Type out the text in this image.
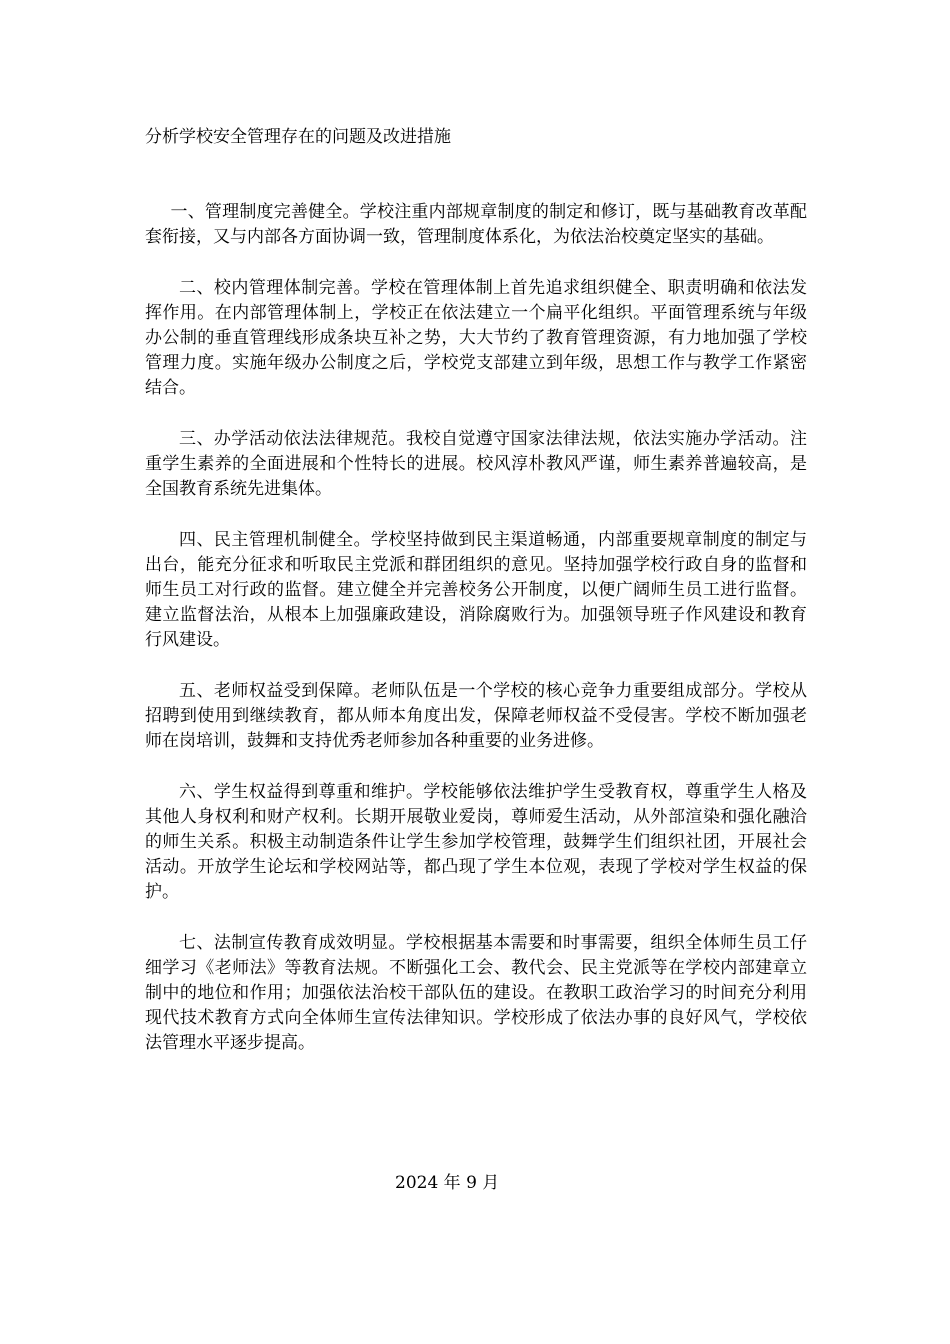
分析学校安全管理存在的问题及改进措施

一、管理制度完善健全。学校注重内部规章制度的制定和修订，既与基础教育改革配套衔接，又与内部各方面协调一致，管理制度体系化，为依法治校奠定坚实的基础。

二、校内管理体制完善。学校在管理体制上首先追求组织健全、职责明确和依法发挥作用。在内部管理体制上，学校正在依法建立一个扁平化组织。平面管理系统与年级办公制的垂直管理线形成条块互补之势，大大节约了教育管理资源，有力地加强了学校管理力度。实施年级办公制度之后，学校党支部建立到年级，思想工作与教学工作紧密结合。

三、办学活动依法法律规范。我校自觉遵守国家法律法规，依法实施办学活动。注重学生素养的全面进展和个性特长的进展。校风淳朴教风严谨，师生素养普遍较高，是全国教育系统先进集体。

四、民主管理机制健全。学校坚持做到民主渠道畅通，内部重要规章制度的制定与出台，能充分征求和听取民主党派和群团组织的意见。坚持加强学校行政自身的监督和师生员工对行政的监督。建立健全并完善校务公开制度，以便广阔师生员工进行监督。建立监督法治，从根本上加强廉政建设，消除腐败行为。加强领导班子作风建设和教育行风建设。

五、老师权益受到保障。老师队伍是一个学校的核心竞争力重要组成部分。学校从招聘到使用到继续教育，都从师本角度出发，保障老师权益不受侵害。学校不断加强老师在岗培训，鼓舞和支持优秀老师参加各种重要的业务进修。

六、学生权益得到尊重和维护。学校能够依法维护学生受教育权，尊重学生人格及其他人身权利和财产权利。长期开展敬业爱岗，尊师爱生活动，从外部渲染和强化融洽的师生关系。积极主动制造条件让学生参加学校管理，鼓舞学生们组织社团，开展社会活动。开放学生论坛和学校网站等，都凸现了学生本位观，表现了学校对学生权益的保护。

七、法制宣传教育成效明显。学校根据基本需要和时事需要，组织全体师生员工仔细学习《老师法》等教育法规。不断强化工会、教代会、民主党派等在学校内部建章立制中的地位和作用；加强依法治校干部队伍的建设。在教职工政治学习的时间充分利用现代技术教育方式向全体师生宣传法律知识。学校形成了依法办事的良好风气，学校依法管理水平逐步提高。

2024 年 9 月
